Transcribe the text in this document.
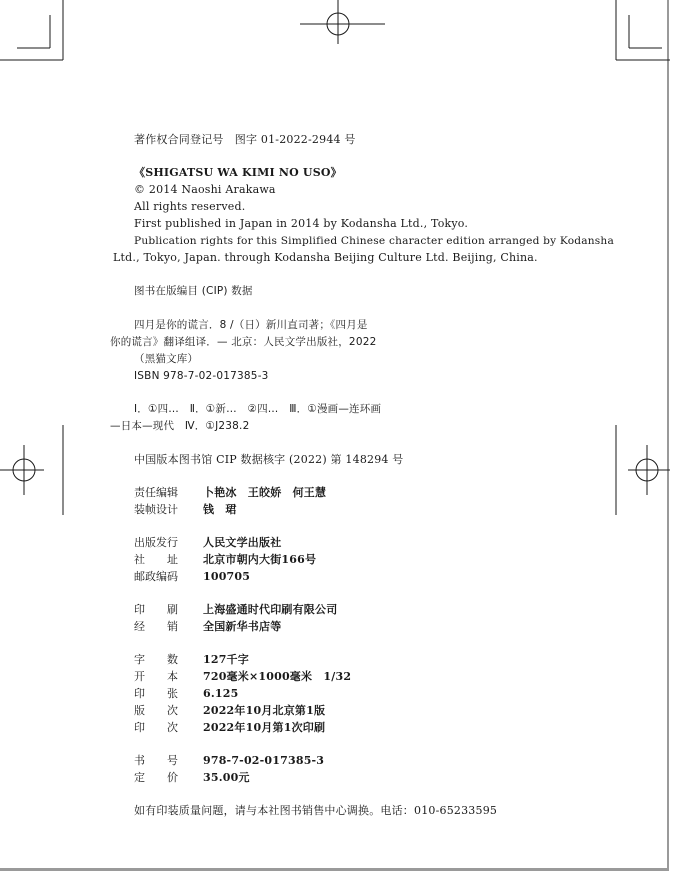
著作权合同登记号　图字 01-2022-2944 号
《SHIGATSU WA KIMI NO USO》
© 2014 Naoshi Arakawa
All rights reserved.
First published in Japan in 2014 by Kodansha Ltd., Tokyo.
Publication rights for this Simplified Chinese character edition arranged by Kodansha
Ltd., Tokyo, Japan. through Kodansha Beijing Culture Ltd. Beijing, China.
图书在版编目 (CIP) 数据
四月是你的谎言．8 /（日）新川直司著；《四月是
你的谎言》翻译组译．— 北京：人民文学出版社，2022
（黑猫文库）
ISBN 978-7-02-017385-3
Ⅰ．①四…　Ⅱ．①新…　②四…　Ⅲ．①漫画—连环画
—日本—现代　Ⅳ．①J238.2
中国版本图书馆 CIP 数据核字 (2022) 第 148294 号
责任编辑 卜艳冰　王皎娇　何王慧
装帧设计 钱　珺
出版发行 人民文学出版社
社　　址 北京市朝内大街166号
邮政编码 100705
印　　刷 上海盛通时代印刷有限公司
经　　销 全国新华书店等
字　　数 127千字
开　　本 720毫米×1000毫米　1/32
印　　张 6.125
版　　次 2022年10月北京第1版
印　　次 2022年10月第1次印刷
书　　号 978-7-02-017385-3
定　　价 35.00元
如有印装质量问题，请与本社图书销售中心调换。电话：010-65233595
